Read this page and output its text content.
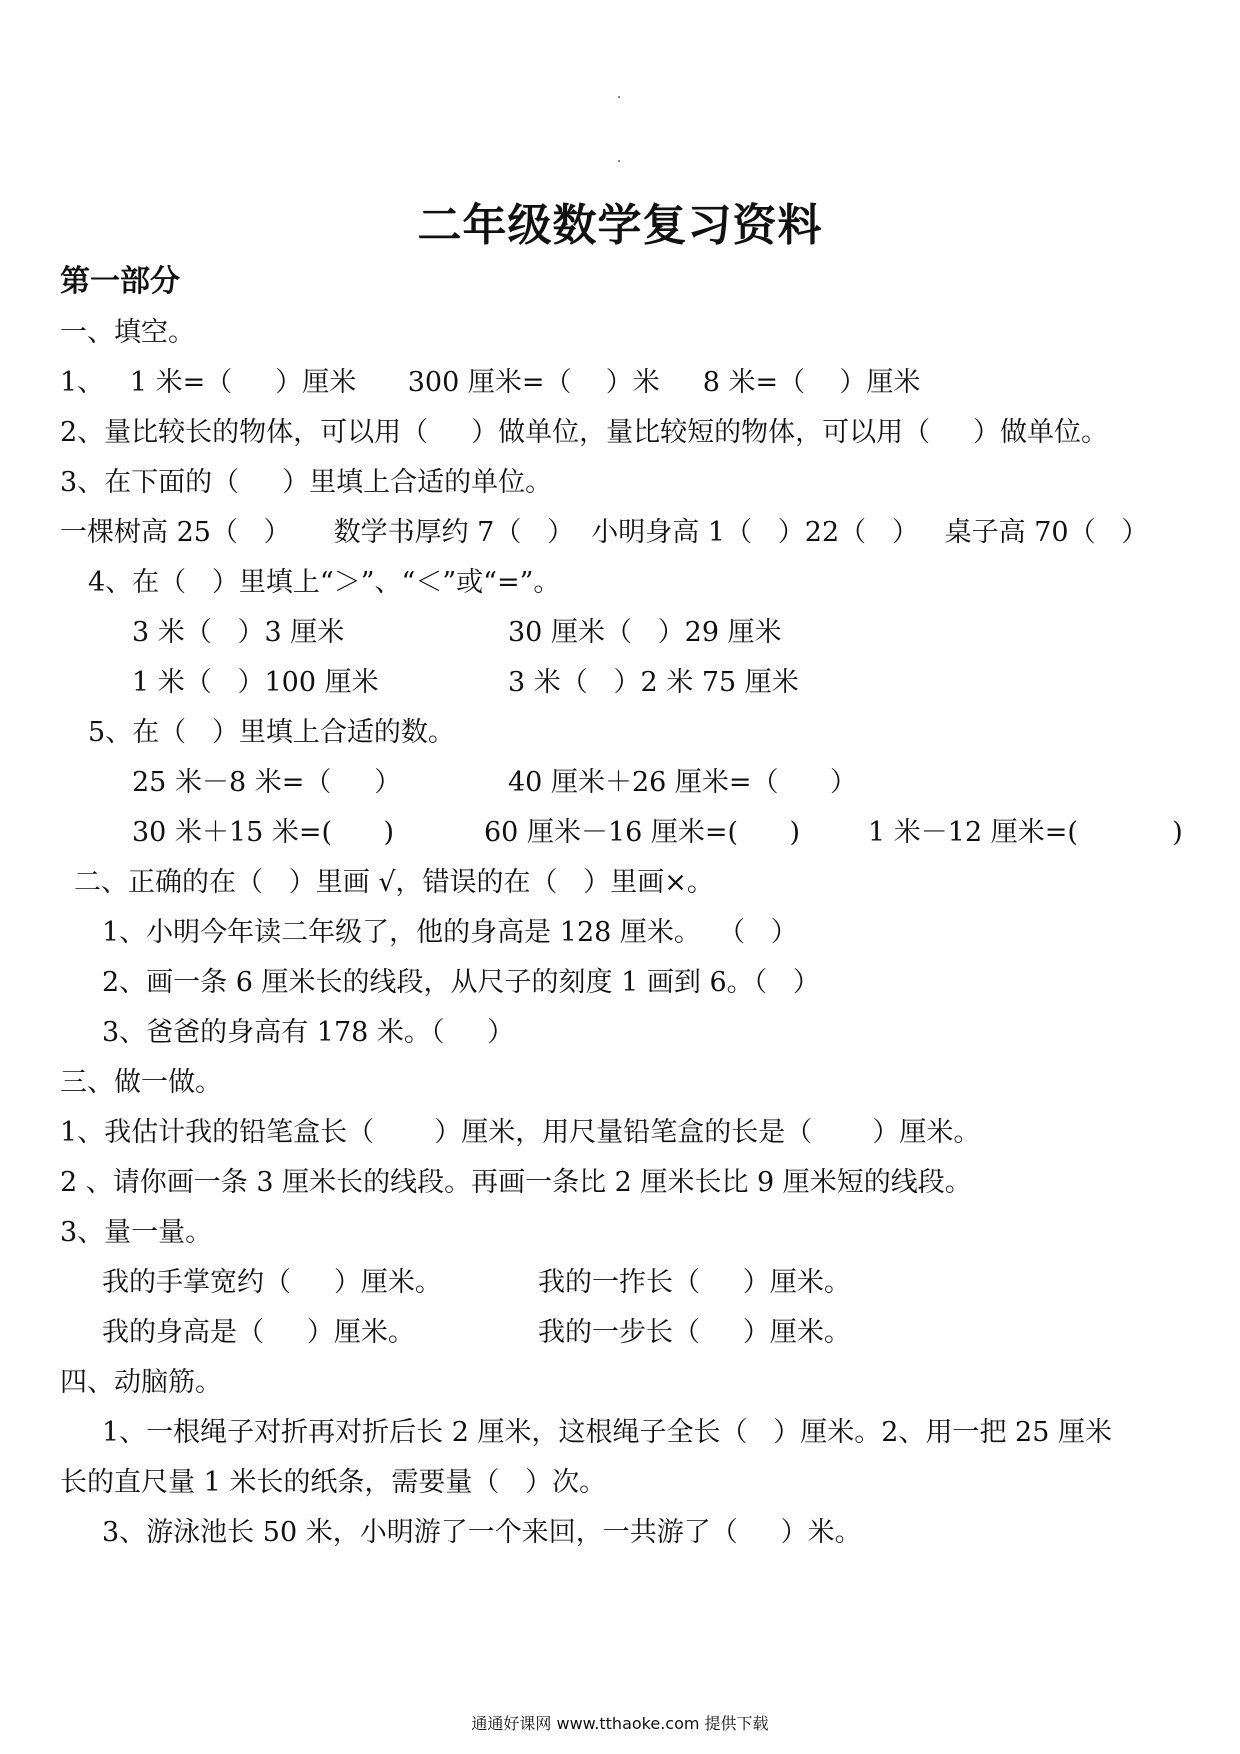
二年级数学复习资料
第一部分
一、填空。
1、   1 米=（     ）厘米      300 厘米=（    ）米     8 米=（    ）厘米
2、量比较长的物体，可以用（     ）做单位，量比较短的物体，可以用（     ）做单位。
3、在下面的（     ）里填上合适的单位。
一棵树高 25（   ）     数学书厚约 7（   ）  小明身高 1（   ）22（   ）   桌子高 70（   ）
4、在（   ）里填上“＞”、“＜”或“=”。
3 米（   ）3 厘米	30 厘米（   ）29 厘米
1 米（   ）100 厘米	3 米（   ）2 米 75 厘米
5、在（   ）里填上合适的数。
25 米－8 米=（     ）	40 厘米＋26 厘米=（      ）
30 米＋15 米=(      )	60 厘米－16 厘米=(      )	1 米－12 厘米=(           )
二、正确的在（   ）里画 √，错误的在（   ）里画×。
1、小明今年读二年级了，他的身高是 128 厘米。  （   ）
2、画一条 6 厘米长的线段，从尺子的刻度 1 画到 6。（   ）
3、爸爸的身高有 178 米。（     ）
三、做一做。
1、我估计我的铅笔盒长（       ）厘米，用尺量铅笔盒的长是（       ）厘米。
2 、请你画一条 3 厘米长的线段。再画一条比 2 厘米长比 9 厘米短的线段。
3、量一量。
我的手掌宽约（     ）厘米。	我的一拃长（     ）厘米。
我的身高是（     ）厘米。	我的一步长（     ）厘米。
四、动脑筋。
1、一根绳子对折再对折后长 2 厘米，这根绳子全长（   ）厘米。2、用一把 25 厘米
长的直尺量 1 米长的纸条，需要量（   ）次。
3、游泳池长 50 米，小明游了一个来回，一共游了（     ）米。
通通好课网 www.tthaoke.com 提供下载
